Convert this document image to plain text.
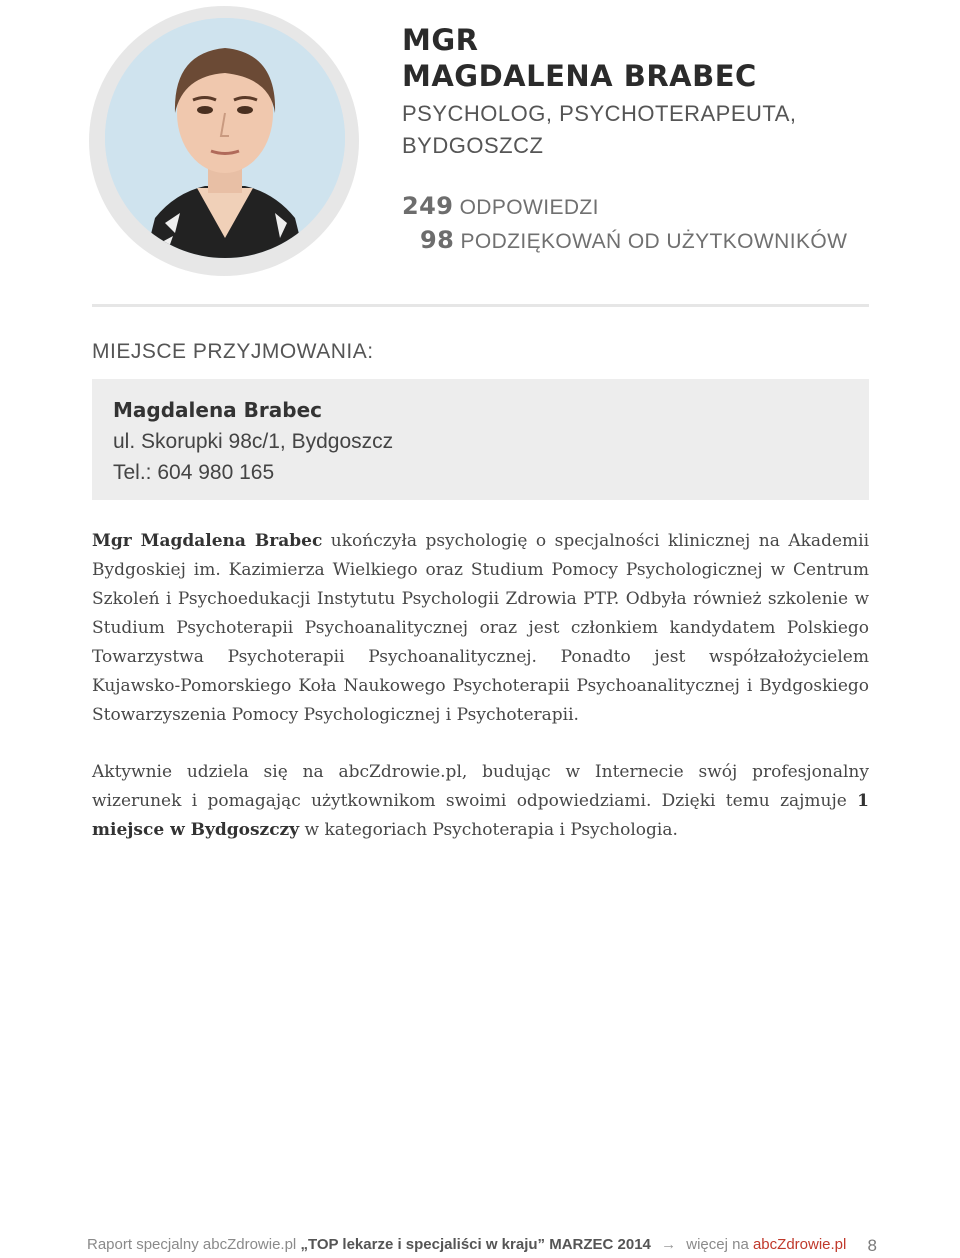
MGR
MAGDALENA BRABEC
PSYCHOLOG, PSYCHOTERAPEUTA,
BYDGOSZCZ
249 ODPOWIEDZI
98 PODZIĘKOWAŃ OD UŻYTKOWNIKÓW
MIEJSCE PRZYJMOWANIA:
Magdalena Brabec
ul. Skorupki 98c/1, Bydgoszcz
Tel.: 604 980 165

Mgr Magdalena Brabec ukończyła psychologię o specjalności klinicznej na Akademii Bydgoskiej im. Kazimierza Wielkiego oraz Studium Pomocy Psychologicznej w Centrum Szkoleń i Psychoedukacji Instytutu Psychologii Zdrowia PTP. Odbyła również szkolenie w Studium Psychoterapii Psychoanalitycznej oraz jest członkiem kandydatem Polskiego Towarzystwa Psychoterapii Psychoanalitycznej. Ponadto jest współzałożycielem Kujawsko-Pomorskiego Koła Naukowego Psychoterapii Psychoanalitycznej i Bydgoskiego Stowarzyszenia Pomocy Psychologicznej i Psychoterapii.

Aktywnie udziela się na abcZdrowie.pl, budując w Internecie swój profesjonalny wizerunek i pomagając użytkownikom swoimi odpowiedziami. Dzięki temu zajmuje 1 miejsce w Bydgoszczy w kategoriach Psychoterapia i Psychologia.

Raport specjalny abcZdrowie.pl „TOP lekarze i specjaliści w kraju” MARZEC 2014 → więcej na abcZdrowie.pl 8
